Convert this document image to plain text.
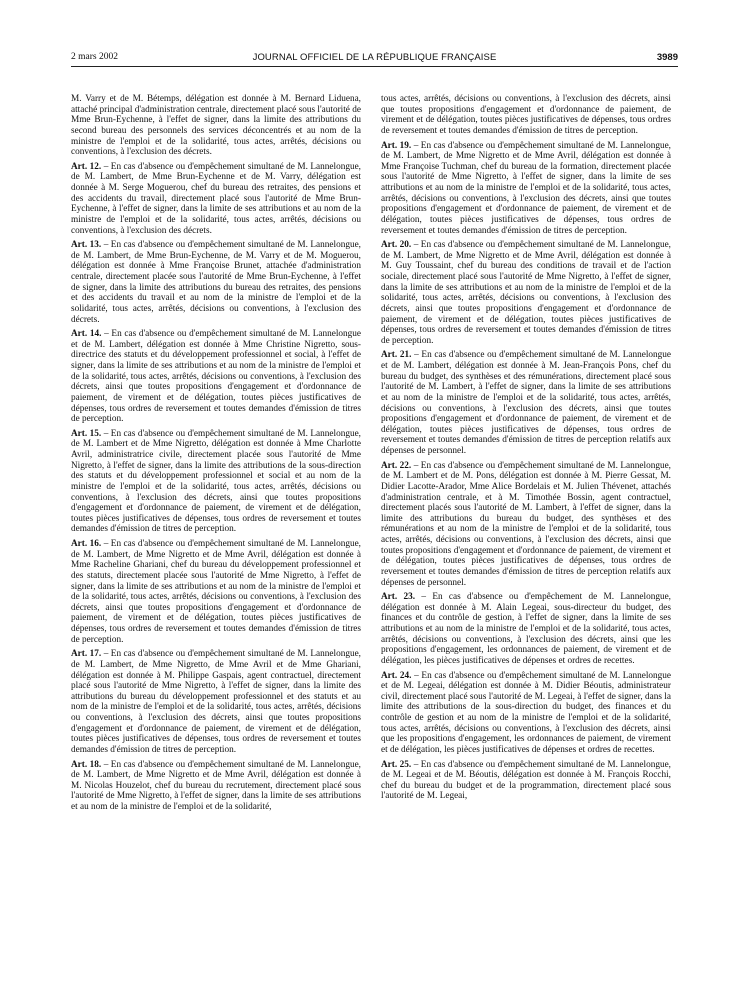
2 mars 2002	JOURNAL OFFICIEL DE LA RÉPUBLIQUE FRANÇAISE	3989

M. Varry et de M. Bétemps, délégation est donnée à M. Bernard Liduena, attaché principal d'administration centrale, directement placé sous l'autorité de Mme Brun-Eychenne, à l'effet de signer, dans la limite des attributions du second bureau des personnels des services déconcentrés et au nom de la ministre de l'emploi et de la solidarité, tous actes, arrêtés, décisions ou conventions, à l'exclusion des décrets.

Art. 12. – En cas d'absence ou d'empêchement simultané de M. Lannelongue, de M. Lambert, de Mme Brun-Eychenne et de M. Varry, délégation est donnée à M. Serge Moguerou, chef du bureau des retraites, des pensions et des accidents du travail, directement placé sous l'autorité de Mme Brun-Eychenne, à l'effet de signer, dans la limite de ses attributions et au nom de la ministre de l'emploi et de la solidarité, tous actes, arrêtés, décisions ou conventions, à l'exclusion des décrets.

Art. 13. – En cas d'absence ou d'empêchement simultané de M. Lannelongue, de M. Lambert, de Mme Brun-Eychenne, de M. Varry et de M. Moguerou, délégation est donnée à Mme Françoise Brunet, attachée d'administration centrale, directement placée sous l'autorité de Mme Brun-Eychenne, à l'effet de signer, dans la limite des attributions du bureau des retraites, des pensions et des accidents du travail et au nom de la ministre de l'emploi et de la solidarité, tous actes, arrêtés, décisions ou conventions, à l'exclusion des décrets.

Art. 14. – En cas d'absence ou d'empêchement simultané de M. Lannelongue et de M. Lambert, délégation est donnée à Mme Christine Nigretto, sous-directrice des statuts et du développement professionnel et social, à l'effet de signer, dans la limite de ses attributions et au nom de la ministre de l'emploi et de la solidarité, tous actes, arrêtés, décisions ou conventions, à l'exclusion des décrets, ainsi que toutes propositions d'engagement et d'ordonnance de paiement, de virement et de délégation, toutes pièces justificatives de dépenses, tous ordres de reversement et toutes demandes d'émission de titres de perception.

Art. 15. – En cas d'absence ou d'empêchement simultané de M. Lannelongue, de M. Lambert et de Mme Nigretto, délégation est donnée à Mme Charlotte Avril, administratrice civile, directement placée sous l'autorité de Mme Nigretto, à l'effet de signer, dans la limite des attributions de la sous-direction des statuts et du développement professionnel et social et au nom de la ministre de l'emploi et de la solidarité, tous actes, arrêtés, décisions ou conventions, à l'exclusion des décrets, ainsi que toutes propositions d'engagement et d'ordonnance de paiement, de virement et de délégation, toutes pièces justificatives de dépenses, tous ordres de reversement et toutes demandes d'émission de titres de perception.

Art. 16. – En cas d'absence ou d'empêchement simultané de M. Lannelongue, de M. Lambert, de Mme Nigretto et de Mme Avril, délégation est donnée à Mme Racheline Ghariani, chef du bureau du développement professionnel et des statuts, directement placée sous l'autorité de Mme Nigretto, à l'effet de signer, dans la limite de ses attributions et au nom de la ministre de l'emploi et de la solidarité, tous actes, arrêtés, décisions ou conventions, à l'exclusion des décrets, ainsi que toutes propositions d'engagement et d'ordonnance de paiement, de virement et de délégation, toutes pièces justificatives de dépenses, tous ordres de reversement et toutes demandes d'émission de titres de perception.

Art. 17. – En cas d'absence ou d'empêchement simultané de M. Lannelongue, de M. Lambert, de Mme Nigretto, de Mme Avril et de Mme Ghariani, délégation est donnée à M. Philippe Gaspais, agent contractuel, directement placé sous l'autorité de Mme Nigretto, à l'effet de signer, dans la limite des attributions du bureau du développement professionnel et des statuts et au nom de la ministre de l'emploi et de la solidarité, tous actes, arrêtés, décisions ou conventions, à l'exclusion des décrets, ainsi que toutes propositions d'engagement et d'ordonnance de paiement, de virement et de délégation, toutes pièces justificatives de dépenses, tous ordres de reversement et toutes demandes d'émission de titres de perception.

Art. 18. – En cas d'absence ou d'empêchement simultané de M. Lannelongue, de M. Lambert, de Mme Nigretto et de Mme Avril, délégation est donnée à M. Nicolas Houzelot, chef du bureau du recrutement, directement placé sous l'autorité de Mme Nigretto, à l'effet de signer, dans la limite de ses attributions et au nom de la ministre de l'emploi et de la solidarité,

tous actes, arrêtés, décisions ou conventions, à l'exclusion des décrets, ainsi que toutes propositions d'engagement et d'ordonnance de paiement, de virement et de délégation, toutes pièces justificatives de dépenses, tous ordres de reversement et toutes demandes d'émission de titres de perception.

Art. 19. – En cas d'absence ou d'empêchement simultané de M. Lannelongue, de M. Lambert, de Mme Nigretto et de Mme Avril, délégation est donnée à Mme Françoise Tuchman, chef du bureau de la formation, directement placée sous l'autorité de Mme Nigretto, à l'effet de signer, dans la limite de ses attributions et au nom de la ministre de l'emploi et de la solidarité, tous actes, arrêtés, décisions ou conventions, à l'exclusion des décrets, ainsi que toutes propositions d'engagement et d'ordonnance de paiement, de virement et de délégation, toutes pièces justificatives de dépenses, tous ordres de reversement et toutes demandes d'émission de titres de perception.

Art. 20. – En cas d'absence ou d'empêchement simultané de M. Lannelongue, de M. Lambert, de Mme Nigretto et de Mme Avril, délégation est donnée à M. Guy Toussaint, chef du bureau des conditions de travail et de l'action sociale, directement placé sous l'autorité de Mme Nigretto, à l'effet de signer, dans la limite de ses attributions et au nom de la ministre de l'emploi et de la solidarité, tous actes, arrêtés, décisions ou conventions, à l'exclusion des décrets, ainsi que toutes propositions d'engagement et d'ordonnance de paiement, de virement et de délégation, toutes pièces justificatives de dépenses, tous ordres de reversement et toutes demandes d'émission de titres de perception.

Art. 21. – En cas d'absence ou d'empêchement simultané de M. Lannelongue et de M. Lambert, délégation est donnée à M. Jean-François Pons, chef du bureau du budget, des synthèses et des rémunérations, directement placé sous l'autorité de M. Lambert, à l'effet de signer, dans la limite de ses attributions et au nom de la ministre de l'emploi et de la solidarité, tous actes, arrêtés, décisions ou conventions, à l'exclusion des décrets, ainsi que toutes propositions d'engagement et d'ordonnance de paiement, de virement et de délégation, toutes pièces justificatives de dépenses, tous ordres de reversement et toutes demandes d'émission de titres de perception relatifs aux dépenses de personnel.

Art. 22. – En cas d'absence ou d'empêchement simultané de M. Lannelongue, de M. Lambert et de M. Pons, délégation est donnée à M. Pierre Gessat, M. Didier Lacotte-Arador, Mme Alice Bordelais et M. Julien Thévenet, attachés d'administration centrale, et à M. Timothée Bossin, agent contractuel, directement placés sous l'autorité de M. Lambert, à l'effet de signer, dans la limite des attributions du bureau du budget, des synthèses et des rémunérations et au nom de la ministre de l'emploi et de la solidarité, tous actes, arrêtés, décisions ou conventions, à l'exclusion des décrets, ainsi que toutes propositions d'engagement et d'ordonnance de paiement, de virement et de délégation, toutes pièces justificatives de dépenses, tous ordres de reversement et toutes demandes d'émission de titres de perception relatifs aux dépenses de personnel.

Art. 23. – En cas d'absence ou d'empêchement de M. Lannelongue, délégation est donnée à M. Alain Legeai, sous-directeur du budget, des finances et du contrôle de gestion, à l'effet de signer, dans la limite de ses attributions et au nom de la ministre de l'emploi et de la solidarité, tous actes, arrêtés, décisions ou conventions, à l'exclusion des décrets, ainsi que les propositions d'engagement, les ordonnances de paiement, de virement et de délégation, les pièces justificatives de dépenses et ordres de recettes.

Art. 24. – En cas d'absence ou d'empêchement simultané de M. Lannelongue et de M. Legeai, délégation est donnée à M. Didier Béoutis, administrateur civil, directement placé sous l'autorité de M. Legeai, à l'effet de signer, dans la limite des attributions de la sous-direction du budget, des finances et du contrôle de gestion et au nom de la ministre de l'emploi et de la solidarité, tous actes, arrêtés, décisions ou conventions, à l'exclusion des décrets, ainsi que les propositions d'engagement, les ordonnances de paiement, de virement et de délégation, les pièces justificatives de dépenses et ordres de recettes.

Art. 25. – En cas d'absence ou d'empêchement simultané de M. Lannelongue, de M. Legeai et de M. Béoutis, délégation est donnée à M. François Rocchi, chef du bureau du budget et de la programmation, directement placé sous l'autorité de M. Legeai,
